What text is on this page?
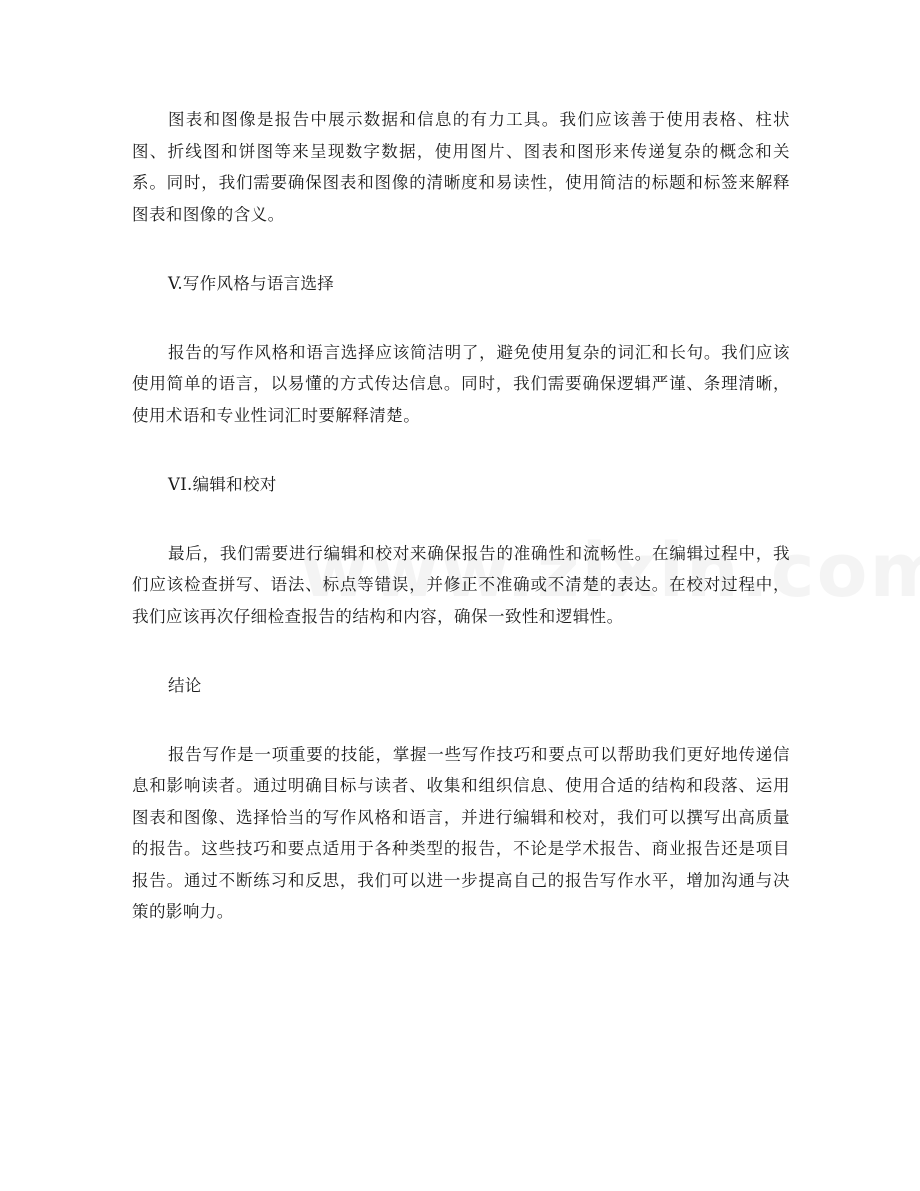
图表和图像是报告中展示数据和信息的有力工具。我们应该善于使用表格、柱状图、折线图和饼图等来呈现数字数据，使用图片、图表和图形来传递复杂的概念和关系。同时，我们需要确保图表和图像的清晰度和易读性，使用简洁的标题和标签来解释图表和图像的含义。

V.写作风格与语言选择

报告的写作风格和语言选择应该简洁明了，避免使用复杂的词汇和长句。我们应该使用简单的语言，以易懂的方式传达信息。同时，我们需要确保逻辑严谨、条理清晰，使用术语和专业性词汇时要解释清楚。

VI.编辑和校对

最后，我们需要进行编辑和校对来确保报告的准确性和流畅性。在编辑过程中，我们应该检查拼写、语法、标点等错误，并修正不准确或不清楚的表达。在校对过程中，我们应该再次仔细检查报告的结构和内容，确保一致性和逻辑性。

结论

报告写作是一项重要的技能，掌握一些写作技巧和要点可以帮助我们更好地传递信息和影响读者。通过明确目标与读者、收集和组织信息、使用合适的结构和段落、运用图表和图像、选择恰当的写作风格和语言，并进行编辑和校对，我们可以撰写出高质量的报告。这些技巧和要点适用于各种类型的报告，不论是学术报告、商业报告还是项目报告。通过不断练习和反思，我们可以进一步提高自己的报告写作水平，增加沟通与决策的影响力。
